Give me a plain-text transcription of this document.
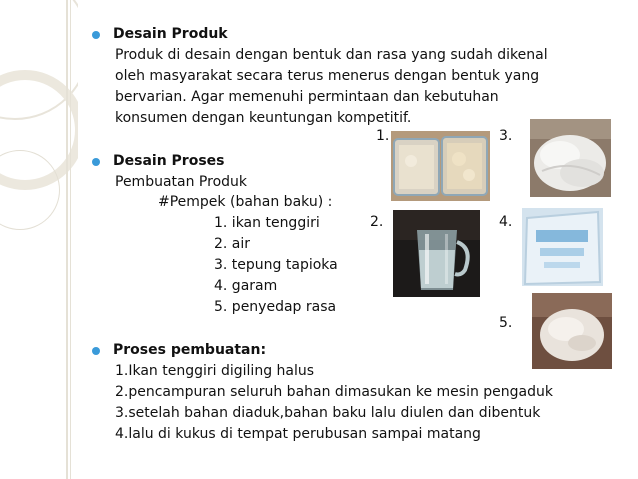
Desain Produk
Produk di desain dengan bentuk dan rasa yang sudah dikenal
oleh masyarakat secara terus menerus dengan bentuk yang
bervarian. Agar memenuhi permintaan dan kebutuhan
konsumen dengan keuntungan kompetitif.
Desain Proses
Pembuatan Produk
#Pempek (bahan baku) :
1. ikan tenggiri
2. air
3. tepung tapioka
4. garam
5. penyedap rasa
Proses pembuatan:
1.Ikan tenggiri digiling halus
2.pencampuran seluruh bahan dimasukan ke mesin pengaduk
3.setelah bahan diaduk,bahan baku lalu diulen dan dibentuk
4.lalu di kukus di tempat perubusan sampai matang
1.
2.
3.
4.
5.
